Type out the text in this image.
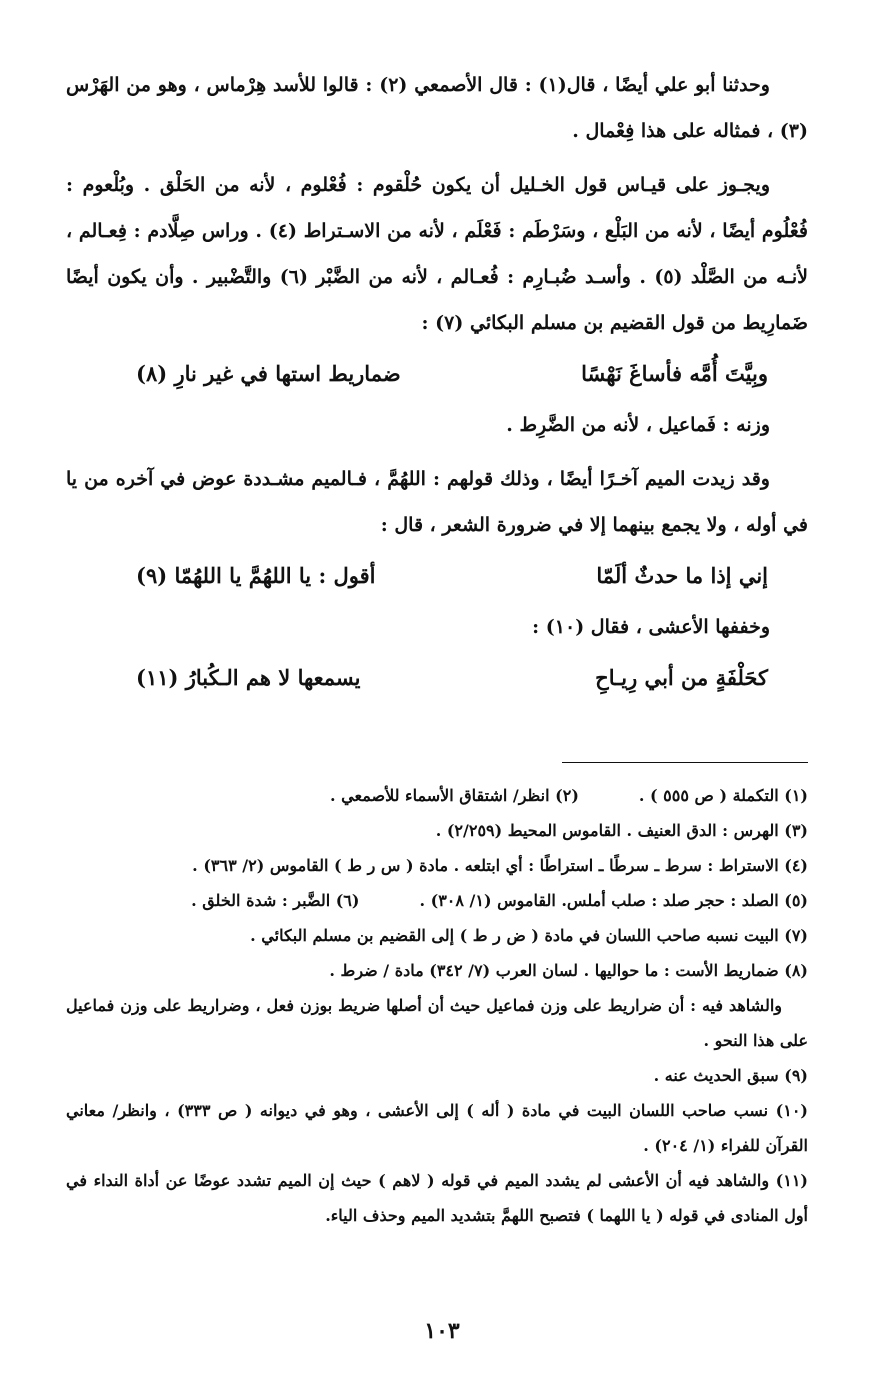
وحدثنا أبو علي أيضًا ، قال(١) : قال الأصمعي (٢) : قالوا للأسد هِرْماس ، وهو من الهَرْس (٣) ، فمثاله على هذا فِعْمال .

ويجـوز على قيـاس قول الخـليل أن يكون حُلْقوم : فُعْلوم ، لأنه من الحَلْق . وبُلْعوم : فُعْلُوم أيضًا ، لأنه من البَلْع ، وسَرْطَم : فَعْلَم ، لأنه من الاسـتراط (٤) . وراس صِلَّادم : فِعـالم ، لأنـه من الصَّلْد (٥) . وأسـد ضُبـارِم : فُعـالم ، لأنه من الضَّبْر (٦) والتَّضْبير . وأن يكون أيضًا ضَمارِيط من قول القضيم بن مسلم البكائي (٧) :

وبِيَّتَ أُمَّه فأساغَ نَهْسًا
ضماريط استها في غير نارِ (٨)

وزنه : فَماعيل ، لأنه من الضَّرِط .

وقد زيدت الميم آخـرًا أيضًا ، وذلك قولهم : اللهُمَّ ، فـالميم مشـددة عوض في آخره من يا في أوله ، ولا يجمع بينهما إلا في ضرورة الشعر ، قال :

إني إذا ما حدثٌ ألَمّا
أقول : يا اللهُمَّ يا اللهُمّا (٩)

وخففها الأعشى ، فقال (١٠) :

كحَلْفَةٍ من أبي رِيـاحِ
يسمعها لا هم الـكُبارُ (١١)
(١) التكملة ( ص ٥٥٥ ) .
(٢) انظر/ اشتقاق الأسماء للأصمعي .

(٣) الهرس : الدق العنيف . القاموس المحيط (٢/٢٥٩) .

(٤) الاستراط : سرط ـ سرطًا ـ استراطًا : أي ابتلعه . مادة ( س ر ط ) القاموس (٢/ ٣٦٣) .

(٥) الصلد : حجر صلد : صلب أملس. القاموس (١/ ٣٠٨) .
(٦) الضَّبر : شدة الخلق .

(٧) البيت نسبه صاحب اللسان في مادة ( ض ر ط ) إلى القضيم بن مسلم البكائي .

(٨) ضماريط الأست : ما حواليها . لسان العرب (٧/ ٣٤٢) مادة / ضرط .

والشاهد فيه : أن ضراريط على وزن فماعيل حيث أن أصلها ضريط بوزن فعل ، وضراريط على وزن فماعيل على هذا النحو .

(٩) سبق الحديث عنه .

(١٠) نسب صاحب اللسان البيت في مادة ( أله ) إلى الأعشى ، وهو في ديوانه ( ص ٣٣٣) ، وانظر/ معاني القرآن للفراء (١/ ٢٠٤) .

(١١) والشاهد فيه أن الأعشى لم يشدد الميم في قوله ( لاهم ) حيث إن الميم تشدد عوضًا عن أداة النداء في أول المنادى في قوله ( يا اللهما ) فتصبح اللهمَّ بتشديد الميم وحذف الياء.

١٠٣
